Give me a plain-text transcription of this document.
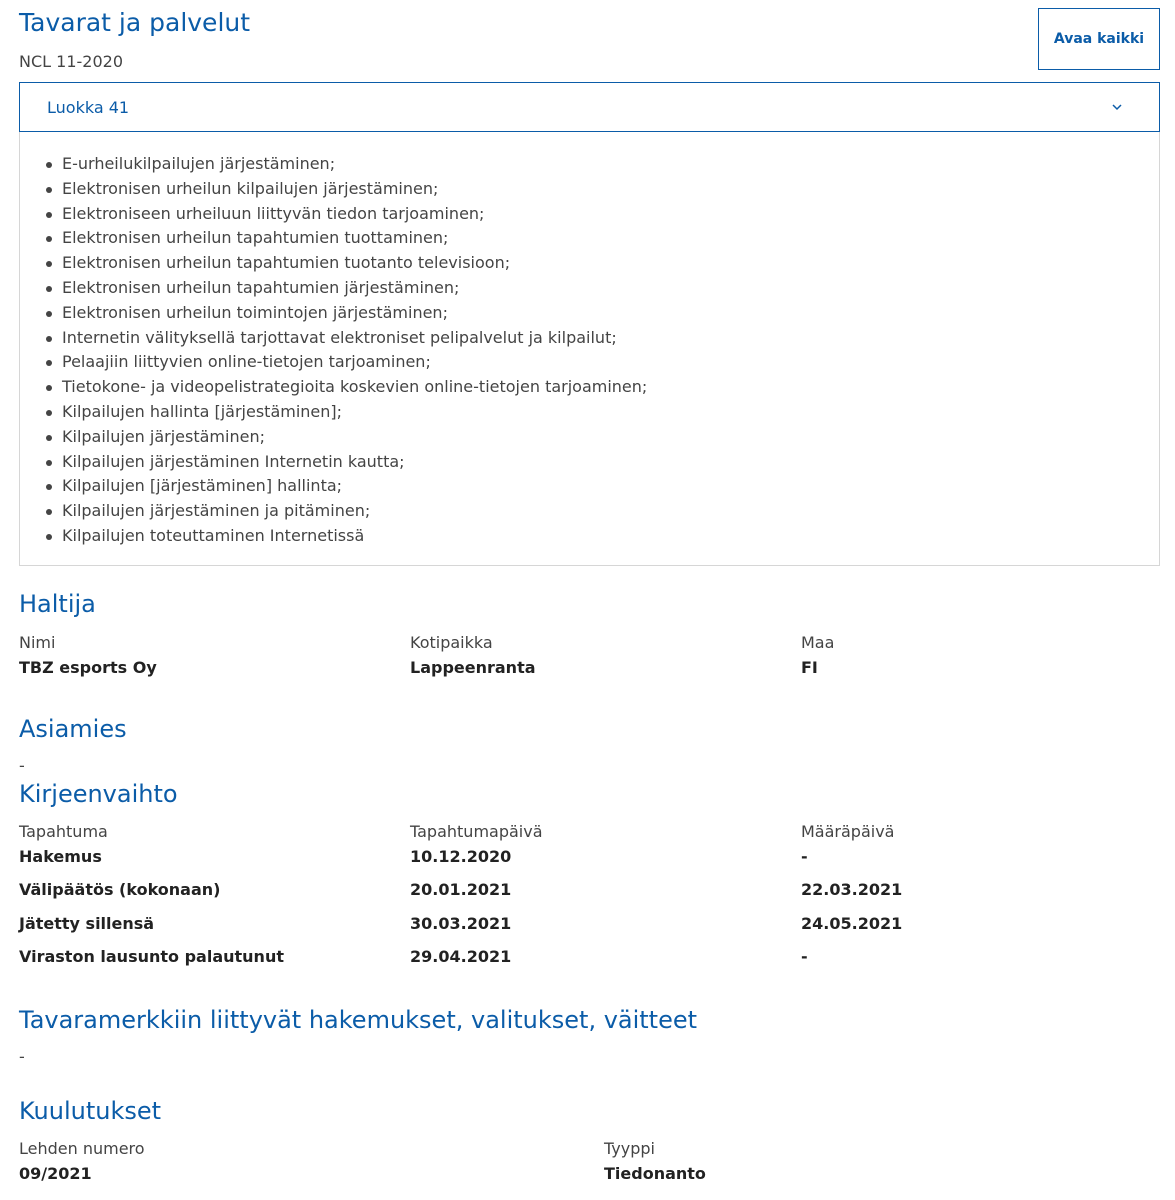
Tavarat ja palvelut
NCL 11-2020
Avaa kaikki
Luokka 41
E-urheilukilpailujen järjestäminen;
Elektronisen urheilun kilpailujen järjestäminen;
Elektroniseen urheiluun liittyvän tiedon tarjoaminen;
Elektronisen urheilun tapahtumien tuottaminen;
Elektronisen urheilun tapahtumien tuotanto televisioon;
Elektronisen urheilun tapahtumien järjestäminen;
Elektronisen urheilun toimintojen järjestäminen;
Internetin välityksellä tarjottavat elektroniset pelipalvelut ja kilpailut;
Pelaajiin liittyvien online-tietojen tarjoaminen;
Tietokone- ja videopelistrategioita koskevien online-tietojen tarjoaminen;
Kilpailujen hallinta [järjestäminen];
Kilpailujen järjestäminen;
Kilpailujen järjestäminen Internetin kautta;
Kilpailujen [järjestäminen] hallinta;
Kilpailujen järjestäminen ja pitäminen;
Kilpailujen toteuttaminen Internetissä
Haltija
Nimi	Kotipaikka	Maa
TBZ esports Oy	Lappeenranta	FI
Asiamies
-
Kirjeenvaihto
Tapahtuma	Tapahtumapäivä	Määräpäivä
Hakemus	10.12.2020	-
Välipäätös (kokonaan)	20.01.2021	22.03.2021
Jätetty sillensä	30.03.2021	24.05.2021
Viraston lausunto palautunut	29.04.2021	-
Tavaramerkkiin liittyvät hakemukset, valitukset, väitteet
-
Kuulutukset
Lehden numero	Tyyppi
09/2021	Tiedonanto
